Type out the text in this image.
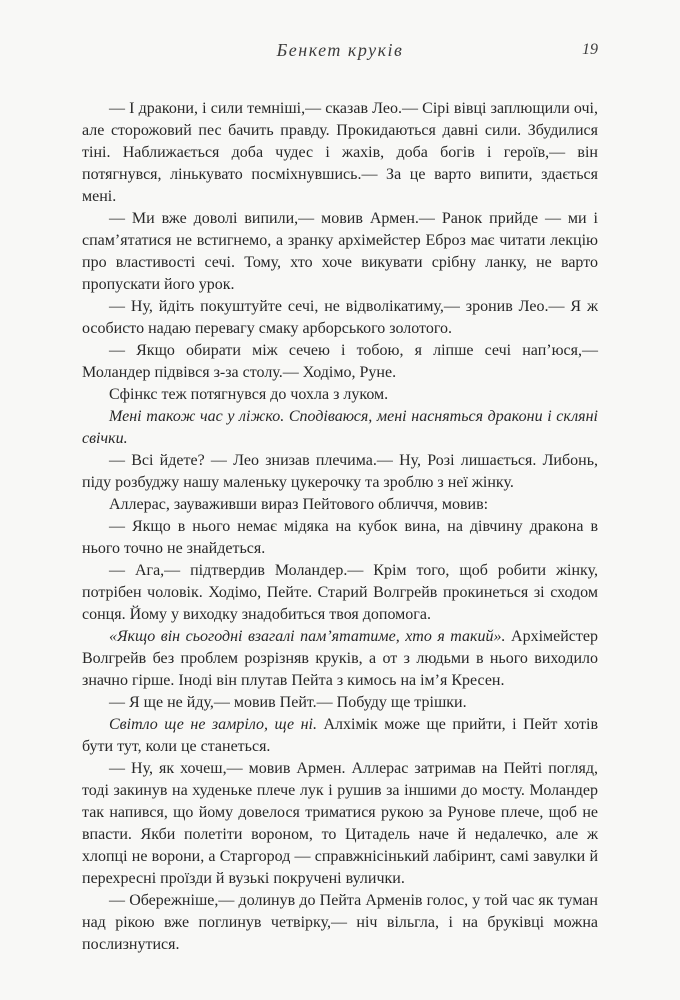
Бенкет круків	19

— І дракони, і сили темніші,— сказав Лео.— Сірі вівці заплющили очі, але сторожовий пес бачить правду. Прокидаються давні сили. Збудилися тіні. Наближається доба чудес і жахів, доба богів і героїв,— він потягнувся, лінькувато посміхнувшись.— За це варто випити, здається мені.

— Ми вже доволі випили,— мовив Армен.— Ранок прийде — ми і спам’ятатися не встигнемо, а зранку архімейстер Еброз має читати лекцію про властивості сечі. Тому, хто хоче викувати срібну ланку, не варто пропускати його урок.

— Ну, йдіть покуштуйте сечі, не відволікатиму,— зронив Лео.— Я ж особисто надаю перевагу смаку арборського золотого.

— Якщо обирати між сечею і тобою, я ліпше сечі нап’юся,— Моландер підвівся з-за столу.— Ходімо, Руне.

Сфінкс теж потягнувся до чохла з луком.

Мені також час у ліжко. Сподіваюся, мені насняться дракони і скляні свічки.

— Всі йдете? — Лео знизав плечима.— Ну, Розі лишається. Либонь, піду розбуджу нашу маленьку цукерочку та зроблю з неї жінку.

Аллерас, зауваживши вираз Пейтового обличчя, мовив:

— Якщо в нього немає мідяка на кубок вина, на дівчину дракона в нього точно не знайдеться.

— Ага,— підтвердив Моландер.— Крім того, щоб робити жінку, потрібен чоловік. Ходімо, Пейте. Старий Волгрейв прокинеться зі сходом сонця. Йому у виходку знадобиться твоя допомога.

«Якщо він сьогодні взагалі пам’ятатиме, хто я такий». Архімейстер Волгрейв без проблем розрізняв круків, а от з людьми в нього виходило значно гірше. Іноді він плутав Пейта з кимось на ім’я Кресен.

— Я ще не йду,— мовив Пейт.— Побуду ще трішки.

Світло ще не замріло, ще ні. Алхімік може ще прийти, і Пейт хотів бути тут, коли це станеться.

— Ну, як хочеш,— мовив Армен. Аллерас затримав на Пейті погляд, тоді закинув на худеньке плече лук і рушив за іншими до мосту. Моландер так напився, що йому довелося триматися рукою за Рунове плече, щоб не впасти. Якби полетіти вороном, то Цитадель наче й недалечко, але ж хлопці не ворони, а Старгород — справжнісінький лабіринт, самі завулки й перехресні проїзди й вузькі покручені вулички.

— Обережніше,— долинув до Пейта Арменів голос, у той час як туман над рікою вже поглинув четвірку,— ніч вільгла, і на бруківці можна послизнутися.
